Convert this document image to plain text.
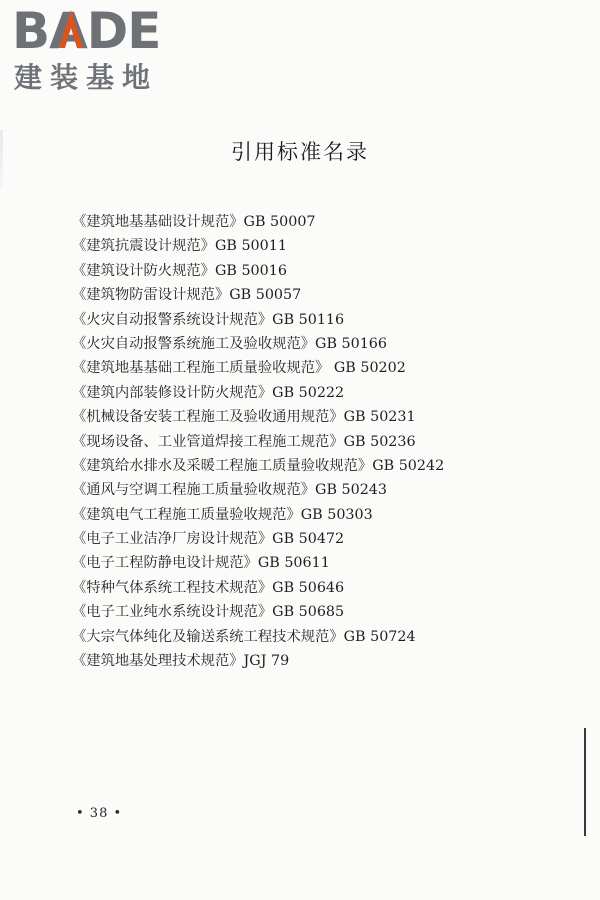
BADE
建装基地
引用标准名录
《建筑地基基础设计规范》GB 50007
《建筑抗震设计规范》GB 50011
《建筑设计防火规范》GB 50016
《建筑物防雷设计规范》GB 50057
《火灾自动报警系统设计规范》GB 50116
《火灾自动报警系统施工及验收规范》GB 50166
《建筑地基基础工程施工质量验收规范》 GB 50202
《建筑内部装修设计防火规范》GB 50222
《机械设备安装工程施工及验收通用规范》GB 50231
《现场设备、工业管道焊接工程施工规范》GB 50236
《建筑给水排水及采暖工程施工质量验收规范》GB 50242
《通风与空调工程施工质量验收规范》GB 50243
《建筑电气工程施工质量验收规范》GB 50303
《电子工业洁净厂房设计规范》GB 50472
《电子工程防静电设计规范》GB 50611
《特种气体系统工程技术规范》GB 50646
《电子工业纯水系统设计规范》GB 50685
《大宗气体纯化及输送系统工程技术规范》GB 50724
《建筑地基处理技术规范》JGJ 79
• 38 •
